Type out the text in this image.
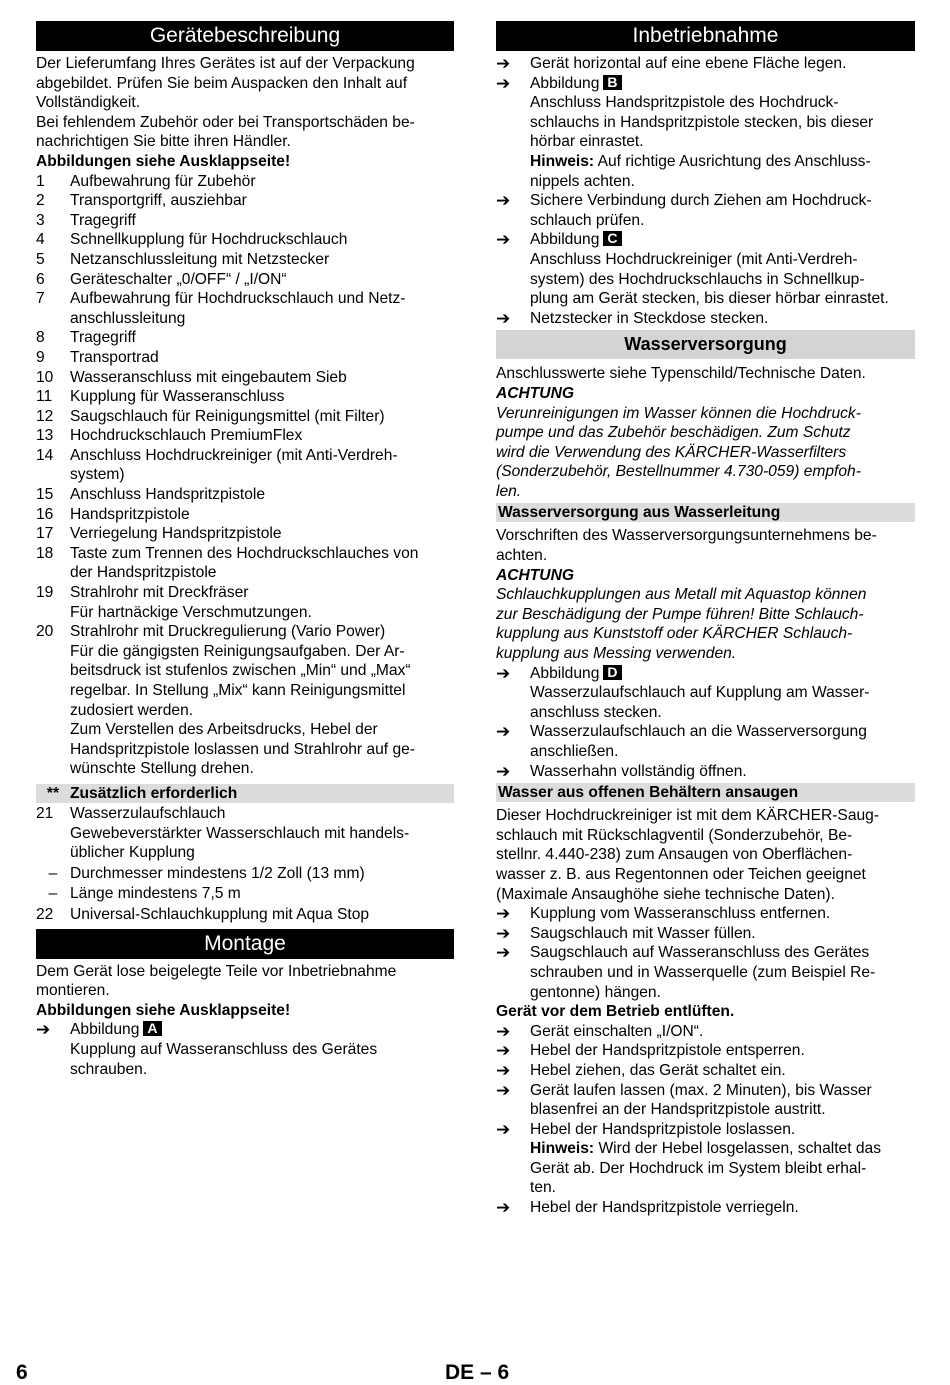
Gerätebeschreibung

Der Lieferumfang Ihres Gerätes ist auf der Verpackung

abgebildet. Prüfen Sie beim Auspacken den Inhalt auf

Vollständigkeit.

Bei fehlendem Zubehör oder bei Transportschäden be-

nachrichtigen Sie bitte ihren Händler.

Abbildungen siehe Ausklappseite!

1	Aufbewahrung für Zubehör

2	Transportgriff, ausziehbar

3	Tragegriff

4	Schnellkupplung für Hochdruckschlauch

5	Netzanschlussleitung mit Netzstecker

6	Geräteschalter „0/OFF“ / „I/ON“

7	Aufbewahrung für Hochdruckschlauch und Netz-

anschlussleitung

8	Tragegriff

9	Transportrad

10	Wasseranschluss mit eingebautem Sieb

11	Kupplung für Wasseranschluss

12	Saugschlauch für Reinigungsmittel (mit Filter)

13	Hochdruckschlauch PremiumFlex

14	Anschluss Hochdruckreiniger (mit Anti-Verdreh-

system)

15	Anschluss Handspritzpistole

16	Handspritzpistole

17	Verriegelung Handspritzpistole

18	Taste zum Trennen des Hochdruckschlauches von

der Handspritzpistole

19	Strahlrohr mit Dreckfräser

Für hartnäckige Verschmutzungen.

20	Strahlrohr mit Druckregulierung (Vario Power)

Für die gängigsten Reinigungsaufgaben. Der Ar-

beitsdruck ist stufenlos zwischen „Min“ und „Max“

regelbar. In Stellung „Mix“ kann Reinigungsmittel

zudosiert werden.

Zum Verstellen des Arbeitsdrucks, Hebel der

Handspritzpistole loslassen und Strahlrohr auf ge-

wünschte Stellung drehen.

** Zusätzlich erforderlich
21	Wasserzulaufschlauch

Gewebeverstärkter Wasserschlauch mit handels-

üblicher Kupplung

– Durchmesser mindestens 1/2 Zoll (13 mm)
– Länge mindestens 7,5 m
22	Universal-Schlauchkupplung mit Aqua Stop
Montage

Dem Gerät lose beigelegte Teile vor Inbetriebnahme

montieren.

Abbildungen siehe Ausklappseite!

➔	Abbildung A

Kupplung auf Wasseranschluss des Gerätes

schrauben.

Inbetriebnahme
➔	Gerät horizontal auf eine ebene Fläche legen.

➔	Abbildung B

Anschluss Handspritzpistole des Hochdruck-

schlauchs in Handspritzpistole stecken, bis dieser

hörbar einrastet.

Hinweis: Auf richtige Ausrichtung des Anschluss-

nippels achten.

➔	Sichere Verbindung durch Ziehen am Hochdruck-

schlauch prüfen.

➔	Abbildung C

Anschluss Hochdruckreiniger (mit Anti-Verdreh-

system) des Hochdruckschlauchs in Schnellkup-

plung am Gerät stecken, bis dieser hörbar einrastet.

➔	Netzstecker in Steckdose stecken.

Wasserversorgung

Anschlusswerte siehe Typenschild/Technische Daten.

ACHTUNG

Verunreinigungen im Wasser können die Hochdruck-

pumpe und das Zubehör beschädigen. Zum Schutz

wird die Verwendung des KÄRCHER-Wasserfilters

(Sonderzubehör, Bestellnummer 4.730-059) empfoh-

len.

Wasserversorgung aus Wasserleitung

Vorschriften des Wasserversorgungsunternehmens be-

achten.

ACHTUNG

Schlauchkupplungen aus Metall mit Aquastop können

zur Beschädigung der Pumpe führen! Bitte Schlauch-

kupplung aus Kunststoff oder KÄRCHER Schlauch-

kupplung aus Messing verwenden.

➔	Abbildung D

Wasserzulaufschlauch auf Kupplung am Wasser-

anschluss stecken.

➔	Wasserzulaufschlauch an die Wasserversorgung

anschließen.

➔	Wasserhahn vollständig öffnen.

Wasser aus offenen Behältern ansaugen

Dieser Hochdruckreiniger ist mit dem KÄRCHER-Saug-

schlauch mit Rückschlagventil (Sonderzubehör, Be-

stellnr. 4.440-238) zum Ansaugen von Oberflächen-

wasser z. B. aus Regentonnen oder Teichen geeignet

(Maximale Ansaughöhe siehe technische Daten).

➔	Kupplung vom Wasseranschluss entfernen.

➔	Saugschlauch mit Wasser füllen.

➔	Saugschlauch auf Wasseranschluss des Gerätes

schrauben und in Wasserquelle (zum Beispiel Re-

gentonne) hängen.

Gerät vor dem Betrieb entlüften.

➔	Gerät einschalten „I/ON“.

➔	Hebel der Handspritzpistole entsperren.

➔	Hebel ziehen, das Gerät schaltet ein.

➔	Gerät laufen lassen (max. 2 Minuten), bis Wasser

blasenfrei an der Handspritzpistole austritt.

➔	Hebel der Handspritzpistole loslassen.

Hinweis: Wird der Hebel losgelassen, schaltet das

Gerät ab. Der Hochdruck im System bleibt erhal-

ten.

➔	Hebel der Handspritzpistole verriegeln.

6	DE – 6
